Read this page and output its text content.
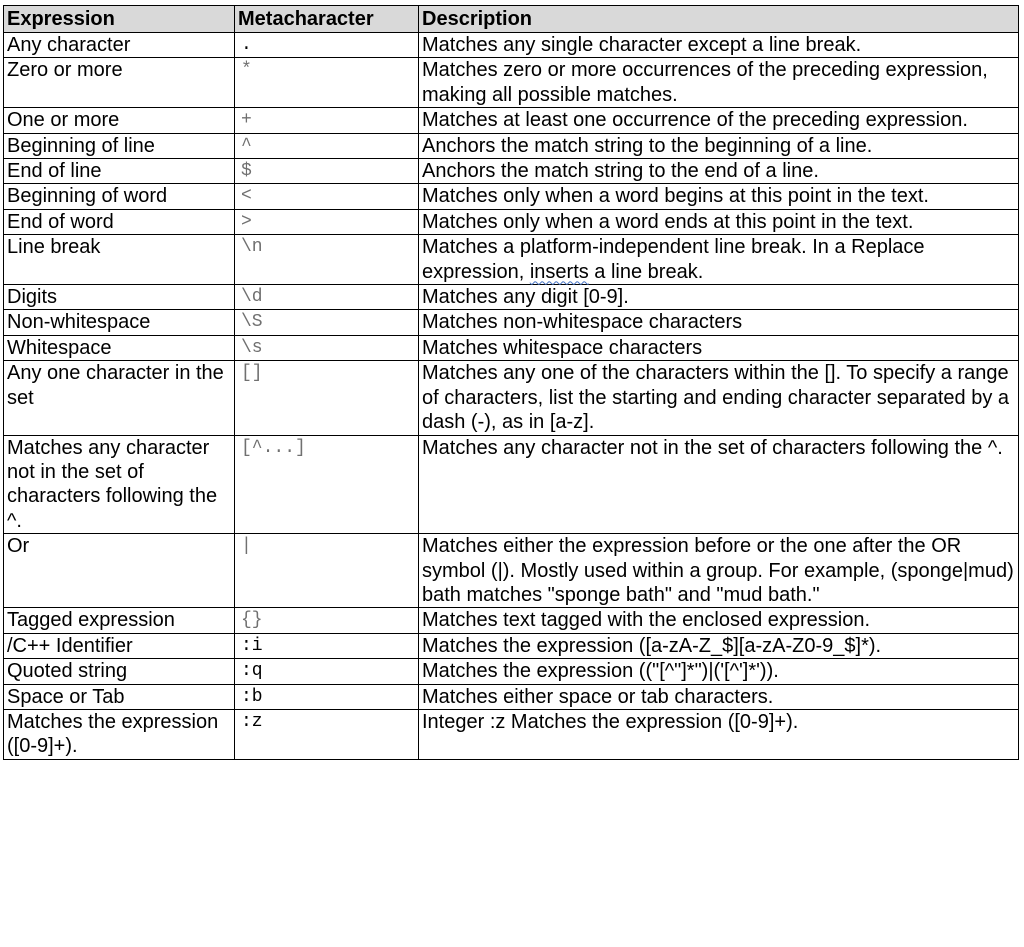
Expression	Metacharacter	Description
Any character	.	Matches any single character except a line break.
Zero or more	*	Matches zero or more occurrences of the preceding expression, making all possible matches.
One or more	+	Matches at least one occurrence of the preceding expression.
Beginning of line	^	Anchors the match string to the beginning of a line.
End of line	$	Anchors the match string to the end of a line.
Beginning of word	<	Matches only when a word begins at this point in the text.
End of word	>	Matches only when a word ends at this point in the text.
Line break	\n	Matches a platform-independent line break. In a Replace expression, inserts a line break.
Digits	\d	Matches any digit [0-9].
Non-whitespace	\S	Matches non-whitespace characters
Whitespace	\s	Matches whitespace characters
Any one character in the set	[]	Matches any one of the characters within the []. To specify a range of characters, list the starting and ending character separated by a dash (-), as in [a-z].
Matches any character not in the set of characters following the ^.	[^...]	Matches any character not in the set of characters following the ^.
Or	|	Matches either the expression before or the one after the OR symbol (|). Mostly used within a group. For example, (sponge|mud) bath matches "sponge bath" and "mud bath."
Tagged expression	{}	Matches text tagged with the enclosed expression.
/C++ Identifier	:i	Matches the expression ([a-zA-Z_$][a-zA-Z0-9_$]*).
Quoted string	:q	Matches the expression (("[^"]*")|('[^']*')).
Space or Tab	:b	Matches either space or tab characters.
Matches the expression ([0-9]+).	:z	Integer :z Matches the expression ([0-9]+).
